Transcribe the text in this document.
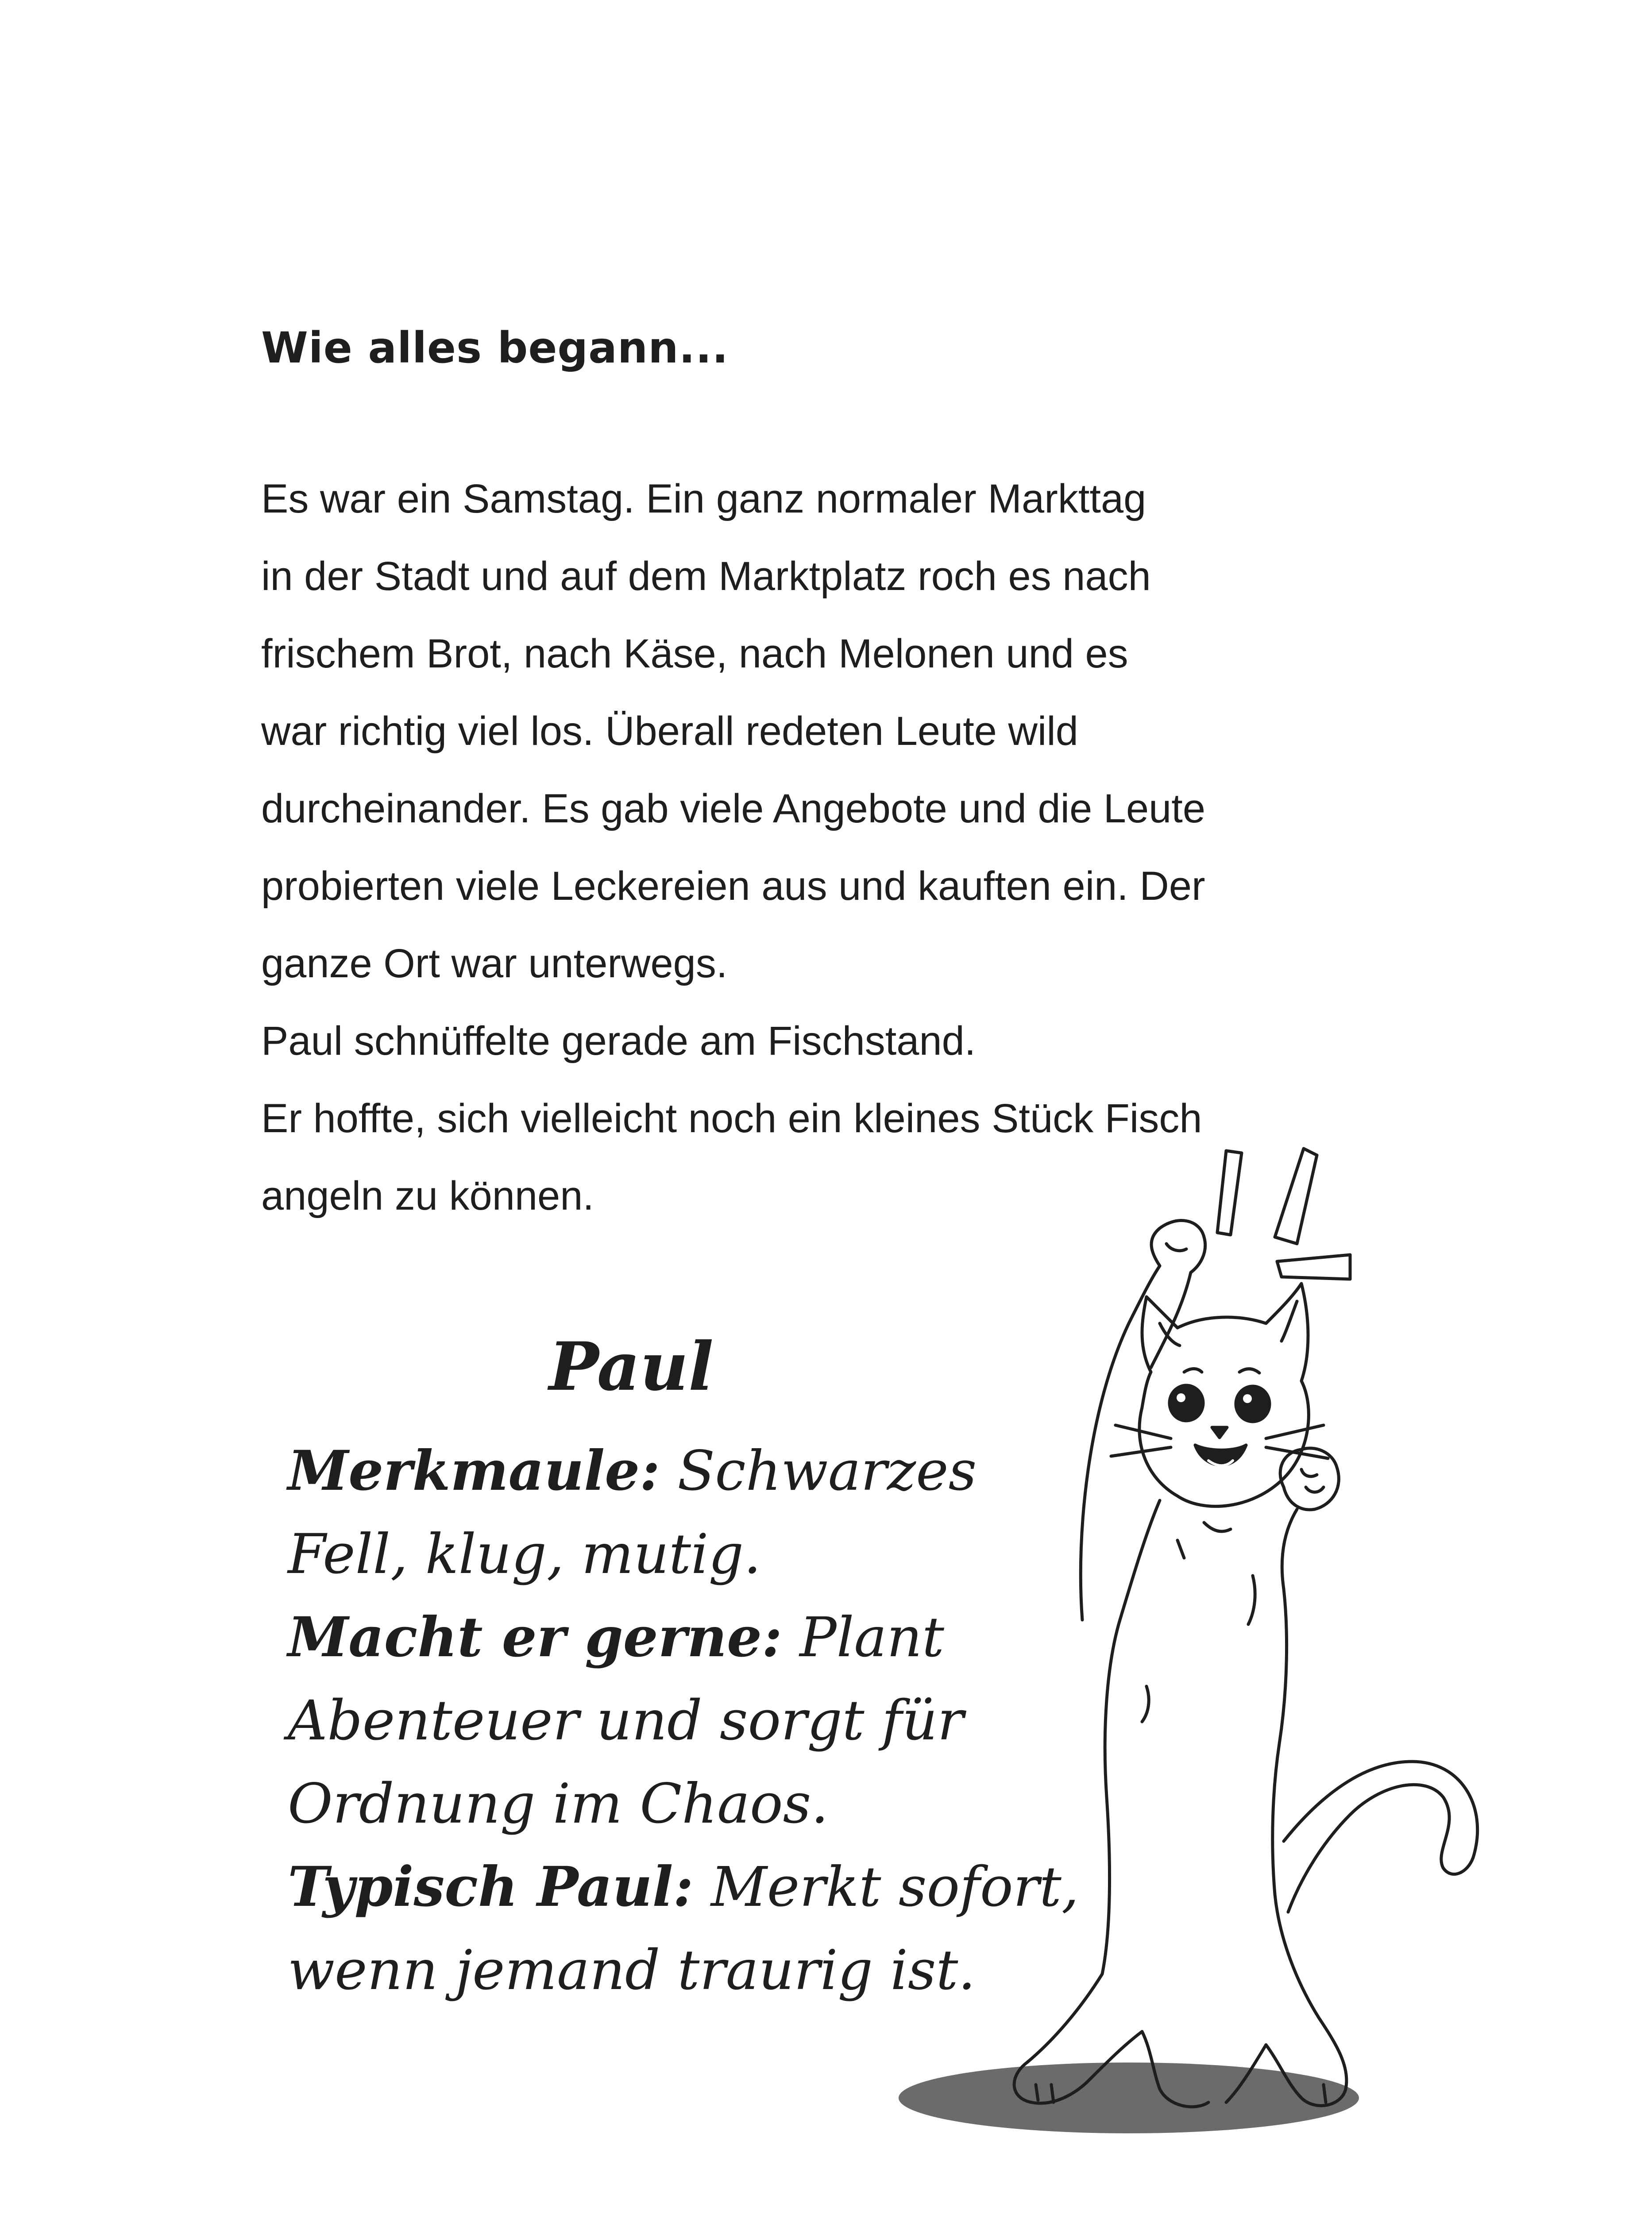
Wie alles begann...
Es war ein Samstag. Ein ganz normaler Markttag
in der Stadt und auf dem Marktplatz roch es nach
frischem Brot, nach Käse, nach Melonen und es
war richtig viel los. Überall redeten Leute wild
durcheinander. Es gab viele Angebote und die Leute
probierten viele Leckereien aus und kauften ein. Der
ganze Ort war unterwegs.
Paul schnüffelte gerade am Fischstand.
Er hoffte, sich vielleicht noch ein kleines Stück Fisch
angeln zu können.
Paul
Merkmaule: Schwarzes
Fell, klug, mutig.
Macht er gerne: Plant
Abenteuer und sorgt für
Ordnung im Chaos.
Typisch Paul: Merkt sofort,
wenn jemand traurig ist.
